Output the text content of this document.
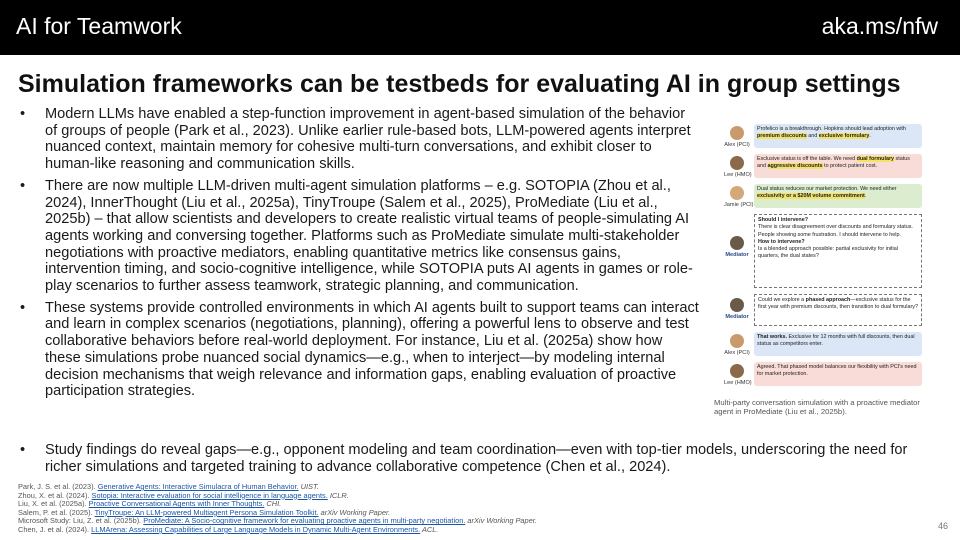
AI for Teamwork	aka.ms/nfw
Simulation frameworks can be testbeds for evaluating AI in group settings
• Modern LLMs have enabled a step-function improvement in agent-based simulation of the behavior of groups of people (Park et al., 2023). Unlike earlier rule-based bots, LLM-powered agents interpret nuanced context, maintain memory for cohesive multi-turn conversations, and exhibit closer to human-like reasoning and communication skills.
• There are now multiple LLM-driven multi-agent simulation platforms – e.g. SOTOPIA (Zhou et al., 2024), InnerThought (Liu et al., 2025a), TinyTroupe (Salem et al., 2025), ProMediate (Liu et al., 2025b) – that allow scientists and developers to create realistic virtual teams of people-simulating AI agents working and conversing together. Platforms such as ProMediate simulate multi-stakeholder negotiations with proactive mediators, enabling quantitative metrics like consensus gains, intervention timing, and socio-cognitive intelligence, while SOTOPIA puts AI agents in games or role-play scenarios to further assess teamwork, strategic planning, and communication.
• These systems provide controlled environments in which AI agents built to support teams can interact and learn in complex scenarios (negotiations, planning), offering a powerful lens to observe and test collaborative behaviors before real-world deployment. For instance, Liu et al. (2025a) show how these simulations probe nuanced social dynamics—e.g., when to interject—by modeling internal decision mechanisms that weigh relevance and information gaps, enabling evaluation of proactive participation strategies.
• Study findings do reveal gaps—e.g., opponent modeling and team coordination—even with top-tier models, underscoring the need for richer simulations and targeted training to advance collaborative competence (Chen et al., 2024).
Alex (PCI)
Profelico is a breakthrough. Hopkins should lead adoption with premium discounts and exclusive formulary.
Lee (HMO)
Exclusive status is off the table. We need dual formulary status and aggressive discounts to protect patient cost.
Jamie (PCI)
Dual status reduces our market protection. We need either exclusivity or a $20M volume commitment.
Mediator
Should I intervene?
There is clear disagreement over discounts and formulary status. People showing some frustration. I should intervene to help.
How to intervene?
Is a blended approach possible: partial exclusivity for initial quarters, the dual states?
Mediator
Could we explore a phased approach—exclusive status for the first year with premium discounts, then transition to dual formulary?
Alex (PCI)
That works. Exclusive for 12 months with full discounts, then dual status as competitors enter.
Lee (HMO)
Agreed. That phased model balances our flexibility with PCI's need for market protection.
Multi-party conversation simulation with a proactive mediator agent in ProMediate (Liu et al., 2025b).
Park, J. S. et al. (2023). Generative Agents: Interactive Simulacra of Human Behavior. UIST.
Zhou, X. et al. (2024). Sotopia: Interactive evaluation for social intelligence in language agents. ICLR.
Liu, X. et al. (2025a). Proactive Conversational Agents with Inner Thoughts. CHI.
Salem, P. et al. (2025). TinyTroupe: An LLM-powered Multiagent Persona Simulation Toolkit. arXiv Working Paper.
Microsoft Study: Liu, Z. et al. (2025b). ProMediate: A Socio-cognitive framework for evaluating proactive agents in multi-party negotiation. arXiv Working Paper.
Chen, J. et al. (2024). LLMArena: Assessing Capabilities of Large Language Models in Dynamic Multi-Agent Environments. ACL.	46
